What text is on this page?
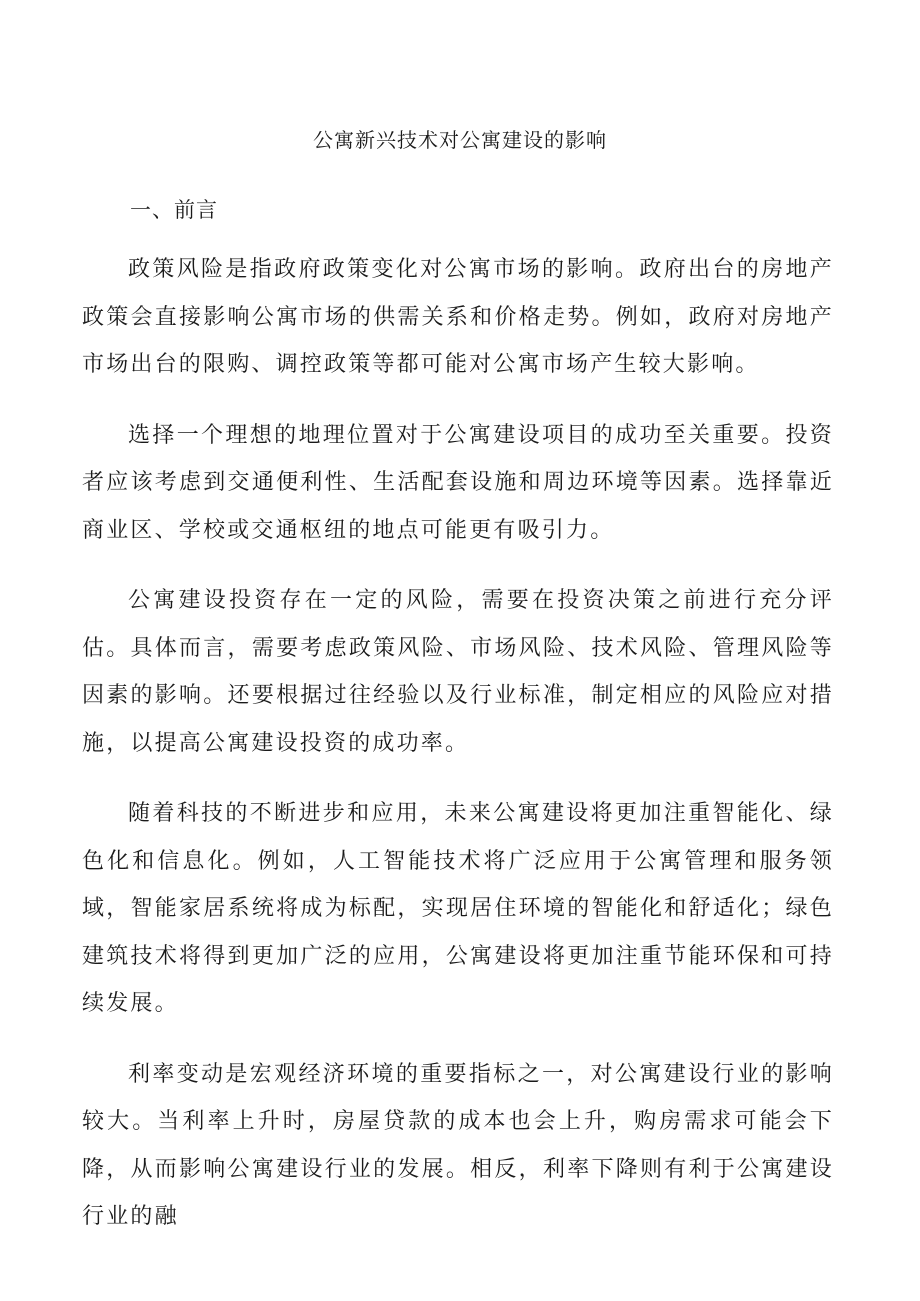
公寓新兴技术对公寓建设的影响
一、前言

政策风险是指政府政策变化对公寓市场的影响。政府出台的房地产政策会直接影响公寓市场的供需关系和价格走势。例如，政府对房地产市场出台的限购、调控政策等都可能对公寓市场产生较大影响。

选择一个理想的地理位置对于公寓建设项目的成功至关重要。投资者应该考虑到交通便利性、生活配套设施和周边环境等因素。选择靠近商业区、学校或交通枢纽的地点可能更有吸引力。

公寓建设投资存在一定的风险，需要在投资决策之前进行充分评估。具体而言，需要考虑政策风险、市场风险、技术风险、管理风险等因素的影响。还要根据过往经验以及行业标准，制定相应的风险应对措施，以提高公寓建设投资的成功率。

随着科技的不断进步和应用，未来公寓建设将更加注重智能化、绿色化和信息化。例如，人工智能技术将广泛应用于公寓管理和服务领域，智能家居系统将成为标配，实现居住环境的智能化和舒适化；绿色建筑技术将得到更加广泛的应用，公寓建设将更加注重节能环保和可持续发展。

利率变动是宏观经济环境的重要指标之一，对公寓建设行业的影响较大。当利率上升时，房屋贷款的成本也会上升，购房需求可能会下降，从而影响公寓建设行业的发展。相反，利率下降则有利于公寓建设行业的融
